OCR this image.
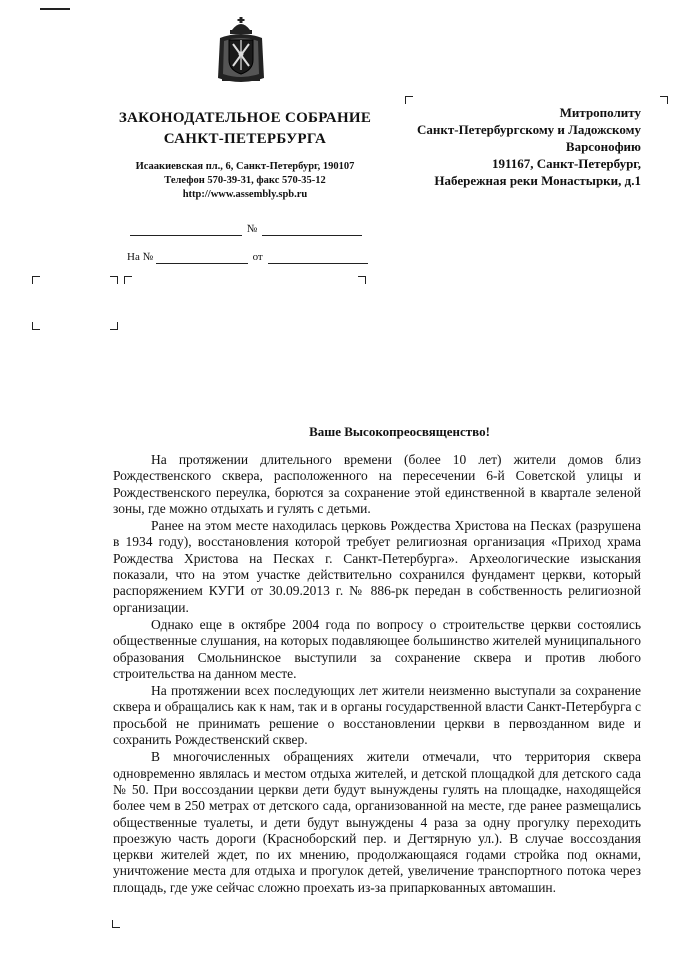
ЗАКОНОДАТЕЛЬНОЕ СОБРАНИЕ
САНКТ-ПЕТЕРБУРГА
Исаакиевская пл., 6, Санкт-Петербург, 190107
Телефон 570-39-31, факс 570-35-12
http://www.assembly.spb.ru
№
На №	от
Митрополиту
Санкт-Петербургскому и Ладожскому
Варсонофию
191167, Санкт-Петербург,
Набережная реки Монастырки, д.1
Ваше Высокопреосвященство!

На протяжении длительного времени (более 10 лет) жители домов близ Рождественского сквера, расположенного на пересечении 6-й Советской улицы и Рождественского переулка, борются за сохранение этой единственной в квартале зеленой зоны, где можно отдыхать и гулять с детьми.

Ранее на этом месте находилась церковь Рождества Христова на Песках (разрушена в 1934 году), восстановления которой требует религиозная организация «Приход храма Рождества Христова на Песках г. Санкт-Петербурга». Археологические изыскания показали, что на этом участке действительно сохранился фундамент церкви, который распоряжением КУГИ от 30.09.2013 г. № 886-рк передан в собственность религиозной организации.

Однако еще в октябре 2004 года по вопросу о строительстве церкви состоялись общественные слушания, на которых подавляющее большинство жителей муниципального образования Смольнинское выступили за сохранение сквера и против любого строительства на данном месте.

На протяжении всех последующих лет жители неизменно выступали за сохранение сквера и обращались как к нам, так и в органы государственной власти Санкт-Петербурга с просьбой не принимать решение о восстановлении церкви в первозданном виде и сохранить Рождественский сквер.

В многочисленных обращениях жители отмечали, что территория сквера одновременно являлась и местом отдыха жителей, и детской площадкой для детского сада № 50. При воссоздании церкви дети будут вынуждены гулять на площадке, находящейся более чем в 250 метрах от детского сада, организованной на месте, где ранее размещались общественные туалеты, и дети будут вынуждены 4 раза за одну прогулку переходить проезжую часть дороги (Красноборский пер. и Дегтярную ул.). В случае воссоздания церкви жителей ждет, по их мнению, продолжающаяся годами стройка под окнами, уничтожение места для отдыха и прогулок детей, увеличение транспортного потока через площадь, где уже сейчас сложно проехать из-за припаркованных автомашин.
